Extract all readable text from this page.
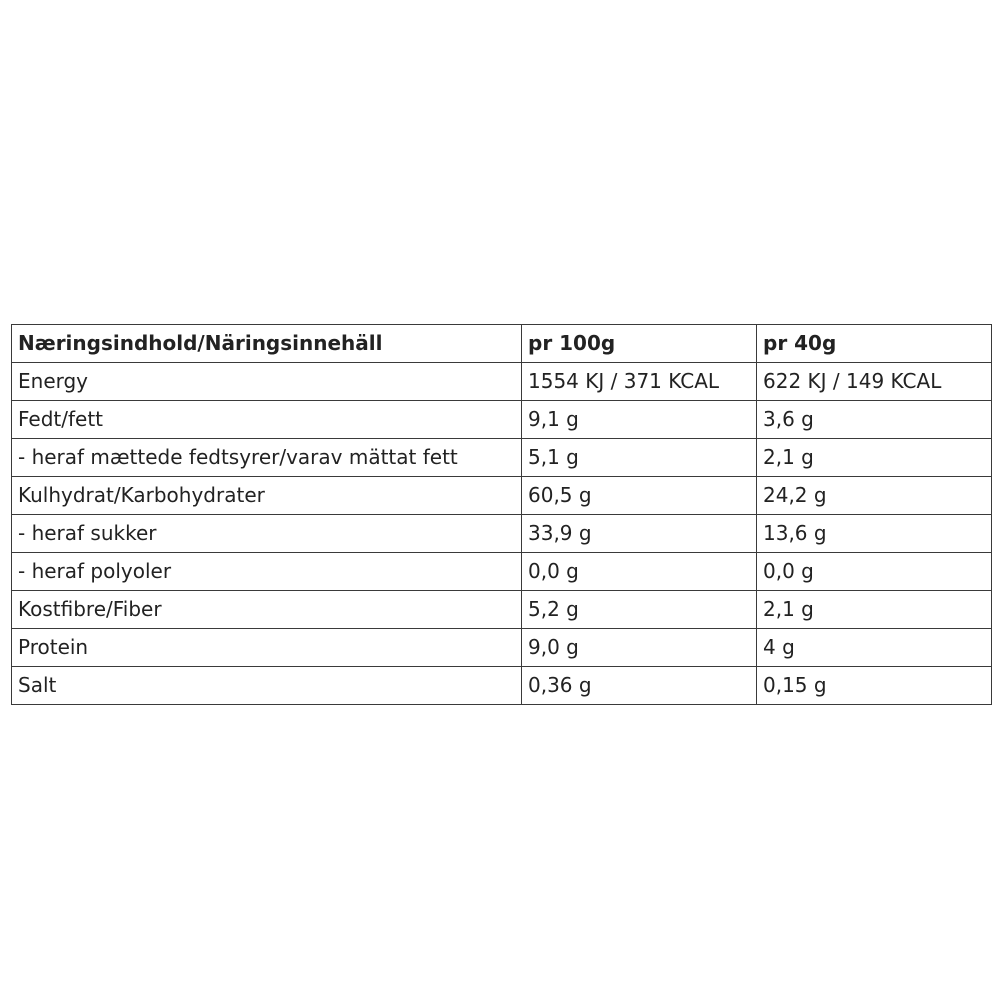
Næringsindhold/Näringsinnehäll	pr 100g	pr 40g
Energy	1554 KJ / 371 KCAL	622 KJ / 149 KCAL
Fedt/fett	9,1 g	3,6 g
- heraf mættede fedtsyrer/varav mättat fett	5,1 g	2,1 g
Kulhydrat/Karbohydrater	60,5 g	24,2 g
- heraf sukker	33,9 g	13,6 g
- heraf polyoler	0,0 g	0,0 g
Kostfibre/Fiber	5,2 g	2,1 g
Protein	9,0 g	4 g
Salt	0,36 g	0,15 g
